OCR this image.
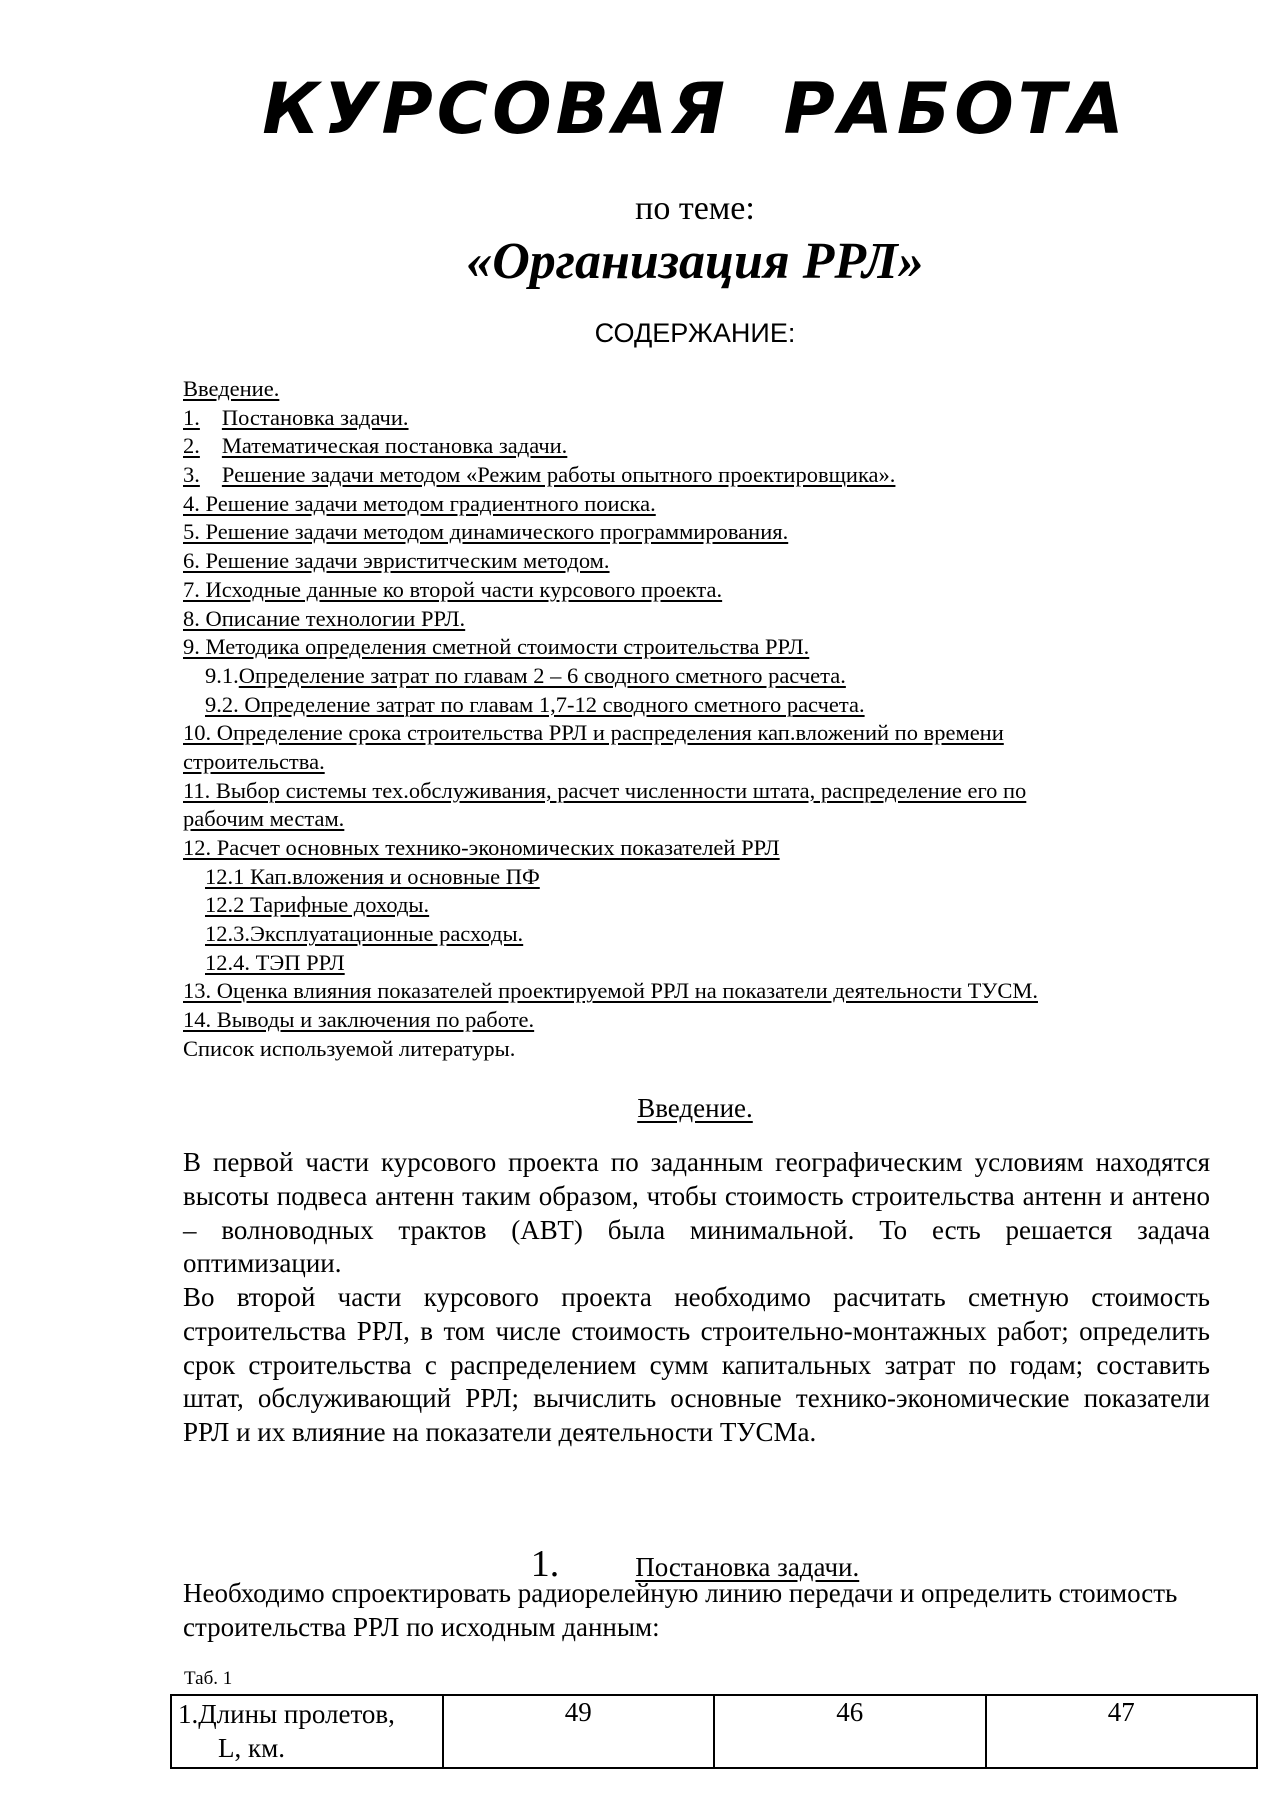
КУРСОВАЯ РАБОТА
по теме:
«Организация РРЛ»
СОДЕРЖАНИЕ:
Введение.
1. Постановка задачи.
2. Математическая постановка задачи.
3. Решение задачи методом «Режим работы опытного проектировщика».
4. Решение задачи методом градиентного поиска.
5. Решение задачи методом динамического программирования.
6. Решение задачи эвриститческим методом.
7. Исходные данные ко второй части курсового проекта.
8. Описание технологии РРЛ.
9. Методика определения сметной стоимости строительства РРЛ.
9.1.Определение затрат по главам 2 – 6 сводного сметного расчета.
9.2. Определение затрат по главам 1,7-12 сводного сметного расчета.
10. Определение срока строительства РРЛ и распределения кап.вложений по времени
строительства.
11. Выбор системы тех.обслуживания, расчет численности штата, распределение его по
рабочим местам.
12. Расчет основных технико-экономических показателей РРЛ
12.1 Кап.вложения и основные ПФ
12.2 Тарифные доходы.
12.3.Эксплуатационные расходы.
12.4. ТЭП РРЛ
13. Оценка влияния показателей проектируемой РРЛ на показатели деятельности ТУСМ.
14. Выводы и заключения по работе.
Список используемой литературы.
Введение.
В первой части курсового проекта по заданным географическим условиям находятся высоты подвеса антенн таким образом, чтобы стоимость строительства антенн и антено – волноводных трактов (АВТ) была минимальной. То есть решается задача оптимизации.
Во второй части курсового проекта необходимо расчитать сметную стоимость строительства РРЛ, в том числе стоимость строительно-монтажных работ; определить срок строительства с распределением сумм капитальных затрат по годам; составить штат, обслуживающий РРЛ; вычислить основные технико-экономические показатели РРЛ и их влияние на показатели деятельности ТУСМа.
1.	Постановка задачи.
Необходимо спроектировать радиорелейную линию передачи и определить стоимость строительства РРЛ по исходным данным:
Таб. 1
1.Длины пролетов,
L, км.
	49	46	47
